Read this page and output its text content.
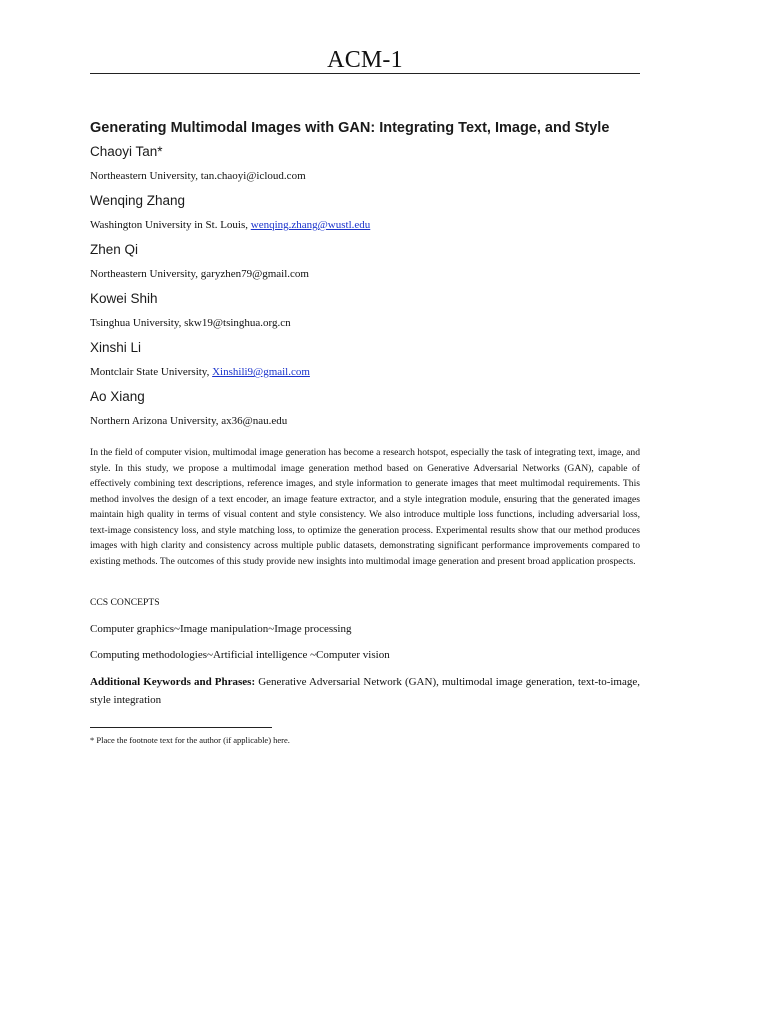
ACM-1
Generating Multimodal Images with GAN: Integrating Text, Image, and Style
Chaoyi Tan*
Northeastern University, tan.chaoyi@icloud.com
Wenqing Zhang
Washington University in St. Louis, wenqing.zhang@wustl.edu
Zhen Qi
Northeastern University, garyzhen79@gmail.com
Kowei Shih
Tsinghua University, skw19@tsinghua.org.cn
Xinshi Li
Montclair State University, Xinshili9@gmail.com
Ao Xiang
Northern Arizona University, ax36@nau.edu

In the field of computer vision, multimodal image generation has become a research hotspot, especially the task of integrating text, image, and style. In this study, we propose a multimodal image generation method based on Generative Adversarial Networks (GAN), capable of effectively combining text descriptions, reference images, and style information to generate images that meet multimodal requirements. This method involves the design of a text encoder, an image feature extractor, and a style integration module, ensuring that the generated images maintain high quality in terms of visual content and style consistency. We also introduce multiple loss functions, including adversarial loss, text-image consistency loss, and style matching loss, to optimize the generation process. Experimental results show that our method produces images with high clarity and consistency across multiple public datasets, demonstrating significant performance improvements compared to existing methods. The outcomes of this study provide new insights into multimodal image generation and present broad application prospects.

CCS CONCEPTS
Computer graphics~Image manipulation~Image processing
Computing methodologies~Artificial intelligence ~Computer vision

Additional Keywords and Phrases: Generative Adversarial Network (GAN), multimodal image generation, text-to-image, style integration

* Place the footnote text for the author (if applicable) here.
